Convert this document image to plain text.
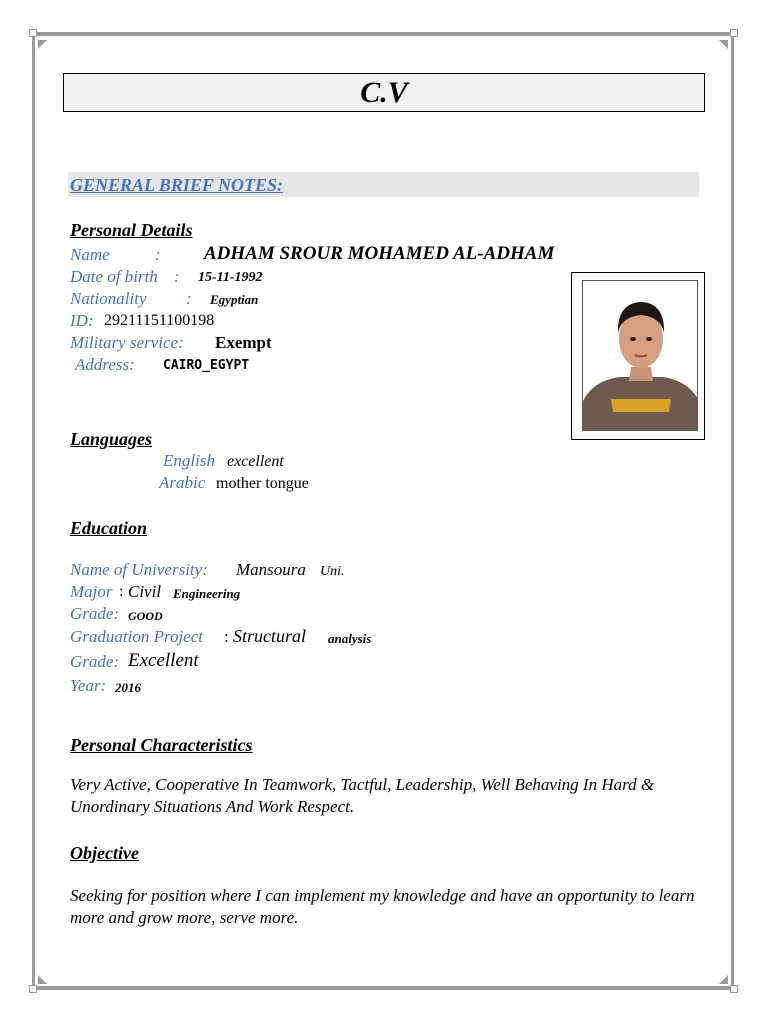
C.V
GENERAL BRIEF NOTES:
Personal Details
Name	: ADHAM SROUR MOHAMED AL-ADHAM
Date of birth : 15-11-1992
Nationality : Egyptian
ID: 29211151100198
Military service: Exempt
Address: CAIRO_EGYPT
Languages
English excellent
Arabic mother tongue
Education
Name of University: Mansoura Uni.
Major : Civil Engineering
Grade: GOOD
Graduation Project : Structural analysis
Grade: Excellent
Year: 2016
Personal Characteristics
Very Active, Cooperative In Teamwork, Tactful, Leadership, Well Behaving In Hard & Unordinary Situations And Work Respect.
Objective
Seeking for position where I can implement my knowledge and have an opportunity to learn more and grow more, serve more.
